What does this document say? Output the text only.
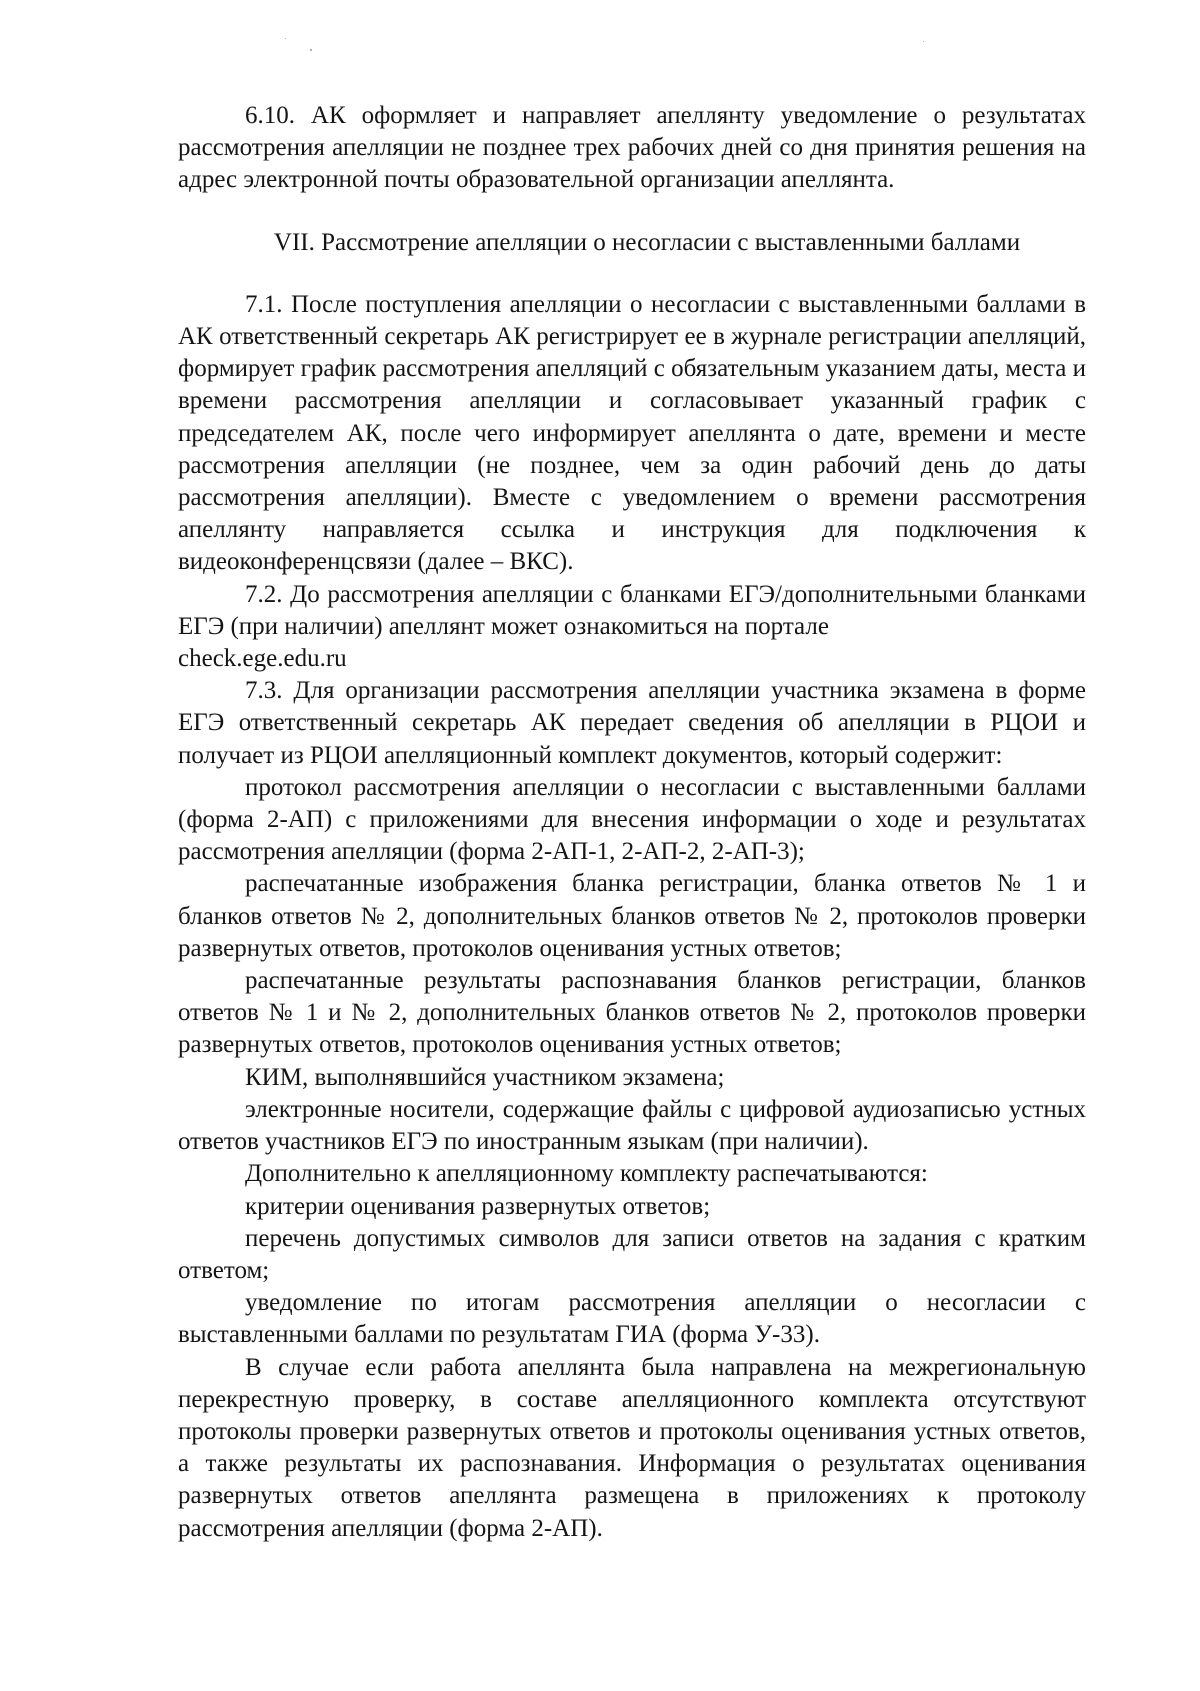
6.10. АК оформляет и направляет апеллянту уведомление о результатах рассмотрения апелляции не позднее трех рабочих дней со дня принятия решения на адрес электронной почты образовательной организации апеллянта.

VII. Рассмотрение апелляции о несогласии с выставленными баллами

7.1. После поступления апелляции о несогласии с выставленными баллами в АК ответственный секретарь АК регистрирует ее в журнале регистрации апелляций, формирует график рассмотрения апелляций с обязательным указанием даты, места и времени рассмотрения апелляции и согласовывает указанный график с председателем АК, после чего информирует апеллянта о дате, времени и месте рассмотрения апелляции (не позднее, чем за один рабочий день до даты рассмотрения апелляции). Вместе с уведомлением о времени рассмотрения апеллянту направляется ссылка и инструкция для подключения к видеоконференцсвязи (далее – ВКС).

7.2. До рассмотрения апелляции с бланками ЕГЭ/дополнительными бланками ЕГЭ (при наличии) апеллянт может ознакомиться на портале

check.ege.edu.ru

7.3. Для организации рассмотрения апелляции участника экзамена в форме ЕГЭ ответственный секретарь АК передает сведения об апелляции в РЦОИ и получает из РЦОИ апелляционный комплект документов, который содержит:

протокол рассмотрения апелляции о несогласии с выставленными баллами (форма 2-АП) с приложениями для внесения информации о ходе и результатах рассмотрения апелляции (форма 2-АП-1, 2-АП-2, 2-АП-3);

распечатанные изображения бланка регистрации, бланка ответов № 1 и бланков ответов № 2, дополнительных бланков ответов № 2, протоколов проверки развернутых ответов, протоколов оценивания устных ответов;

распечатанные результаты распознавания бланков регистрации, бланков ответов № 1 и № 2, дополнительных бланков ответов № 2, протоколов проверки развернутых ответов, протоколов оценивания устных ответов;

КИМ, выполнявшийся участником экзамена;

электронные носители, содержащие файлы с цифровой аудиозаписью устных ответов участников ЕГЭ по иностранным языкам (при наличии).

Дополнительно к апелляционному комплекту распечатываются:

критерии оценивания развернутых ответов;

перечень допустимых символов для записи ответов на задания с кратким ответом;

уведомление по итогам рассмотрения апелляции о несогласии с выставленными баллами по результатам ГИА (форма У-33).

В случае если работа апеллянта была направлена на межрегиональную перекрестную проверку, в составе апелляционного комплекта отсутствуют протоколы проверки развернутых ответов и протоколы оценивания устных ответов, а также результаты их распознавания. Информация о результатах оценивания развернутых ответов апеллянта размещена в приложениях к протоколу рассмотрения апелляции (форма 2-АП).
